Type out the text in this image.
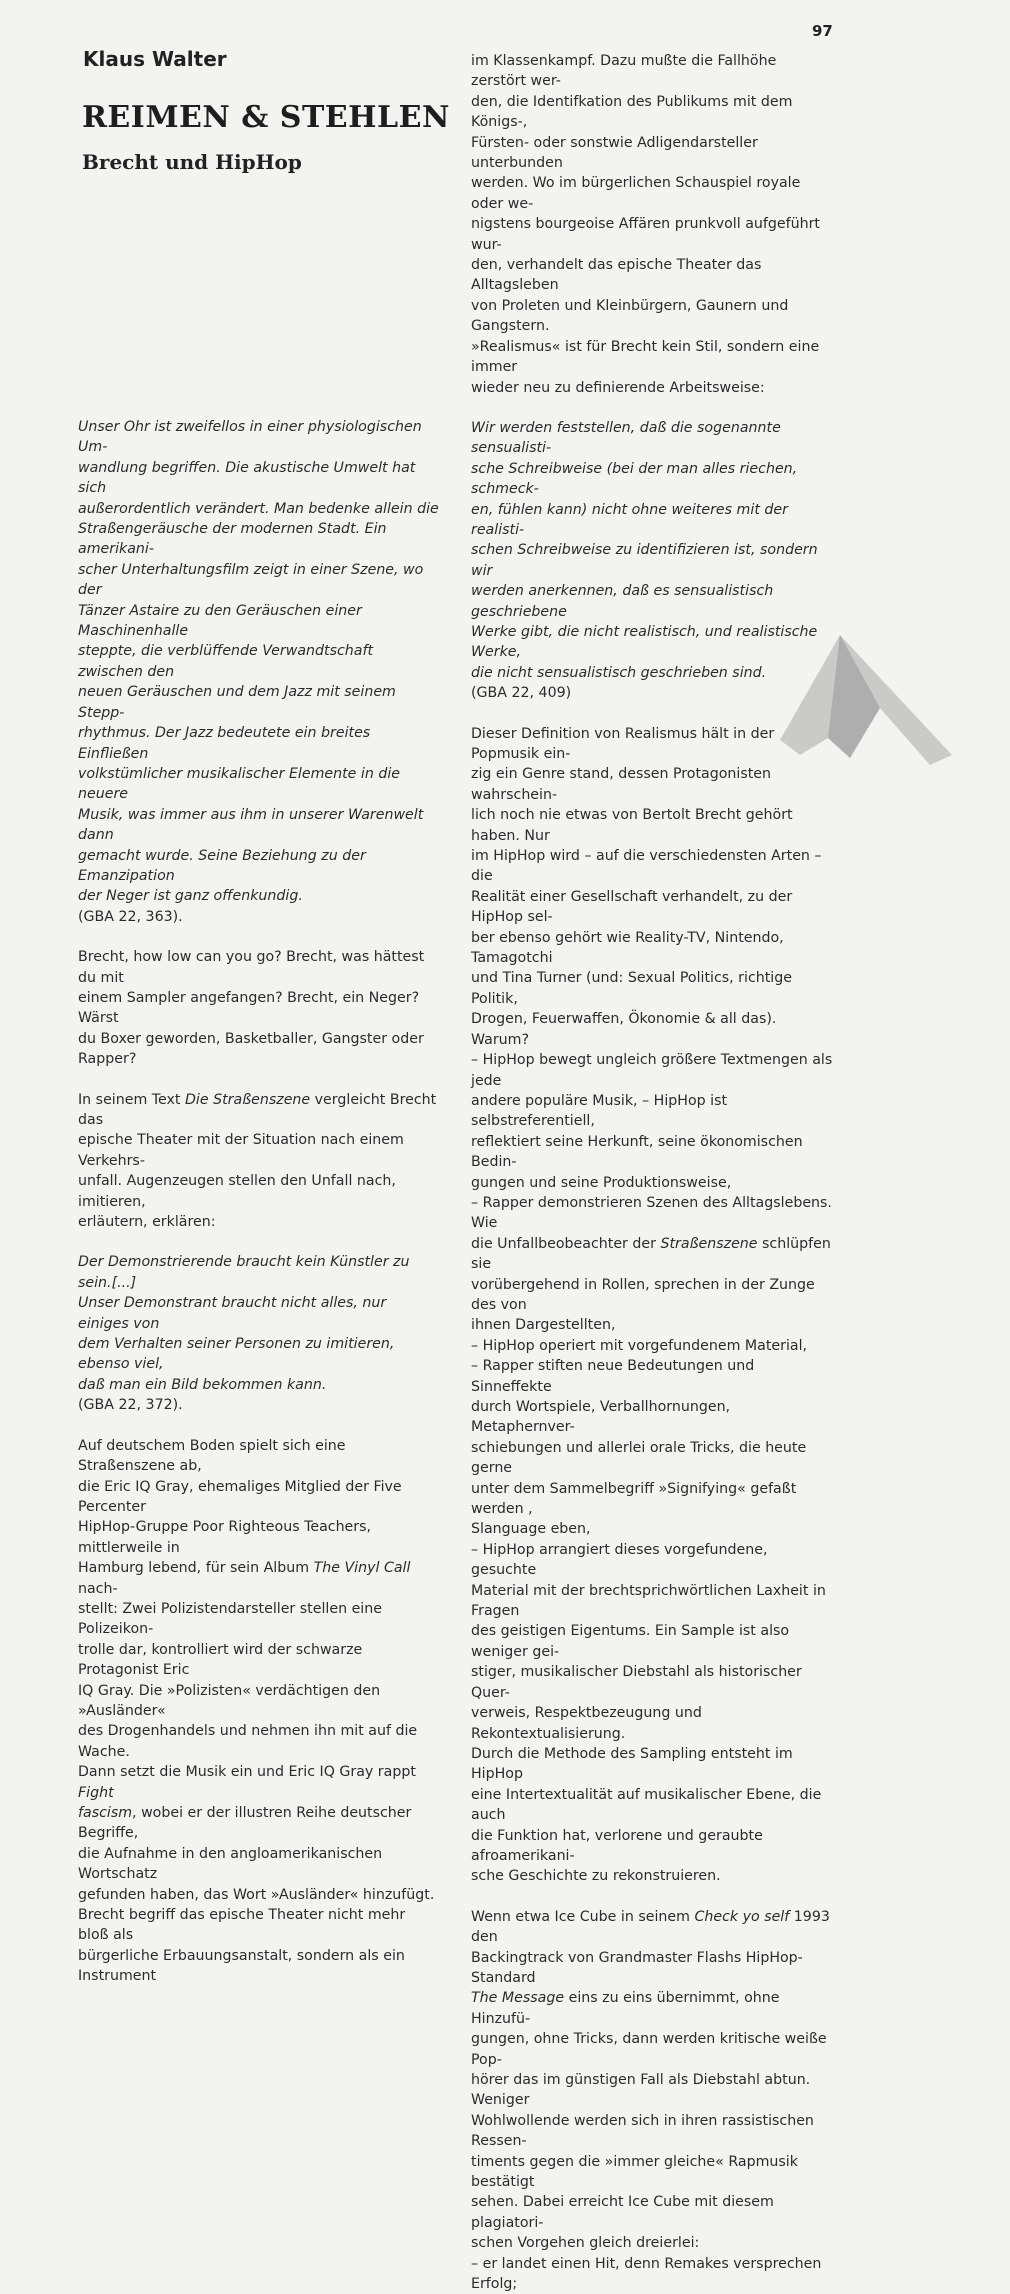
97
Klaus Walter
REIMEN & STEHLEN
Brecht und HipHop

Unser Ohr ist zweifellos in einer physiologischen Um-
wandlung begriffen. Die akustische Umwelt hat sich
außerordentlich verändert. Man bedenke allein die
Straßengeräusche der modernen Stadt. Ein amerikani-
scher Unterhaltungsfilm zeigt in einer Szene, wo der
Tänzer Astaire zu den Geräuschen einer Maschinenhalle
steppte, die verblüffende Verwandtschaft zwischen den
neuen Geräuschen und dem Jazz mit seinem Stepp-
rhythmus. Der Jazz bedeutete ein breites Einfließen
volkstümlicher musikalischer Elemente in die neuere
Musik, was immer aus ihm in unserer Warenwelt dann
gemacht wurde. Seine Beziehung zu der Emanzipation
der Neger ist ganz offenkundig.
(GBA 22, 363).

Brecht, how low can you go? Brecht, was hättest du mit
einem Sampler angefangen? Brecht, ein Neger? Wärst
du Boxer geworden, Basketballer, Gangster oder Rapper?

In seinem Text Die Straßenszene vergleicht Brecht das
epische Theater mit der Situation nach einem Verkehrs-
unfall. Augenzeugen stellen den Unfall nach, imitieren,
erläutern, erklären:

Der Demonstrierende braucht kein Künstler zu sein.[...]
Unser Demonstrant braucht nicht alles, nur einiges von
dem Verhalten seiner Personen zu imitieren, ebenso viel,
daß man ein Bild bekommen kann.
(GBA 22, 372).

Auf deutschem Boden spielt sich eine Straßenszene ab,
die Eric IQ Gray, ehemaliges Mitglied der Five Percenter
HipHop-Gruppe Poor Righteous Teachers, mittlerweile in
Hamburg lebend, für sein Album The Vinyl Call nach-
stellt: Zwei Polizistendarsteller stellen eine Polizeikon-
trolle dar, kontrolliert wird der schwarze Protagonist Eric
IQ Gray. Die »Polizisten« verdächtigen den »Ausländer«
des Drogenhandels und nehmen ihn mit auf die Wache.
Dann setzt die Musik ein und Eric IQ Gray rappt Fight
fascism, wobei er der illustren Reihe deutscher Begriffe,
die Aufnahme in den angloamerikanischen Wortschatz
gefunden haben, das Wort »Ausländer« hinzufügt.
Brecht begriff das epische Theater nicht mehr bloß als
bürgerliche Erbauungsanstalt, sondern als ein Instrument

im Klassenkampf. Dazu mußte die Fallhöhe zerstört wer-
den, die Identifkation des Publikums mit dem Königs-,
Fürsten- oder sonstwie Adligendarsteller unterbunden
werden. Wo im bürgerlichen Schauspiel royale oder we-
nigstens bourgeoise Affären prunkvoll aufgeführt wur-
den, verhandelt das epische Theater das Alltagsleben
von Proleten und Kleinbürgern, Gaunern und Gangstern.
»Realismus« ist für Brecht kein Stil, sondern eine immer
wieder neu zu definierende Arbeitsweise:

Wir werden feststellen, daß die sogenannte sensualisti-
sche Schreibweise (bei der man alles riechen, schmeck-
en, fühlen kann) nicht ohne weiteres mit der realisti-
schen Schreibweise zu identifizieren ist, sondern wir
werden anerkennen, daß es sensualistisch geschriebene
Werke gibt, die nicht realistisch, und realistische Werke,
die nicht sensualistisch geschrieben sind.
(GBA 22, 409)

Dieser Definition von Realismus hält in der Popmusik ein-
zig ein Genre stand, dessen Protagonisten wahrschein-
lich noch nie etwas von Bertolt Brecht gehört haben. Nur
im HipHop wird – auf die verschiedensten Arten – die
Realität einer Gesellschaft verhandelt, zu der HipHop sel-
ber ebenso gehört wie Reality-TV, Nintendo, Tamagotchi
und Tina Turner (und: Sexual Politics, richtige Politik,
Drogen, Feuerwaffen, Ökonomie & all das).
Warum?
– HipHop bewegt ungleich größere Textmengen als jede
andere populäre Musik, – HipHop ist selbstreferentiell,
reflektiert seine Herkunft, seine ökonomischen Bedin-
gungen und seine Produktionsweise,
– Rapper demonstrieren Szenen des Alltagslebens. Wie
die Unfallbeobeachter der Straßenszene schlüpfen sie
vorübergehend in Rollen, sprechen in der Zunge des von
ihnen Dargestellten,
– HipHop operiert mit vorgefundenem Material,
– Rapper stiften neue Bedeutungen und Sinneffekte
durch Wortspiele, Verballhornungen, Metaphernver-
schiebungen und allerlei orale Tricks, die heute gerne
unter dem Sammelbegriff »Signifying« gefaßt werden ,
Slanguage eben,
– HipHop arrangiert dieses vorgefundene, gesuchte
Material mit der brechtsprichwörtlichen Laxheit in Fragen
des geistigen Eigentums. Ein Sample ist also weniger gei-
stiger, musikalischer Diebstahl als historischer Quer-
verweis, Respektbezeugung und Rekontextualisierung.
Durch die Methode des Sampling entsteht im HipHop
eine Intertextualität auf musikalischer Ebene, die auch
die Funktion hat, verlorene und geraubte afroamerikani-
sche Geschichte zu rekonstruieren.

Wenn etwa Ice Cube in seinem Check yo self 1993 den
Backingtrack von Grandmaster Flashs HipHop-Standard
The Message eins zu eins übernimmt, ohne Hinzufü-
gungen, ohne Tricks, dann werden kritische weiße Pop-
hörer das im günstigen Fall als Diebstahl abtun. Weniger
Wohlwollende werden sich in ihren rassistischen Ressen-
timents gegen die »immer gleiche« Rapmusik bestätigt
sehen. Dabei erreicht Ice Cube mit diesem plagiatori-
schen Vorgehen gleich dreierlei:
– er landet einen Hit, denn Remakes versprechen Erfolg;
